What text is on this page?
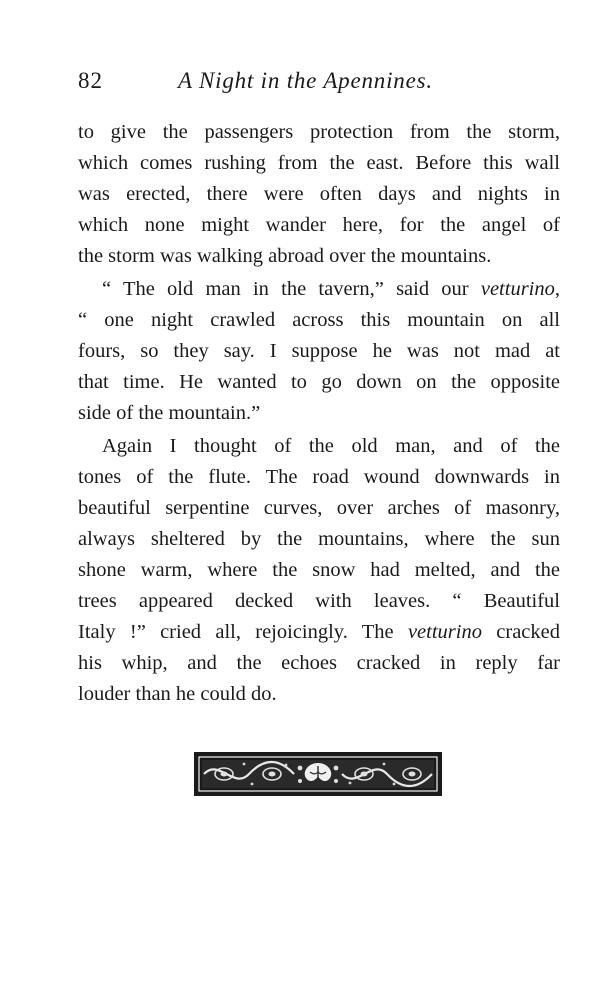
82	A Night in the Apennines.
to give the passengers protection from the storm,
which comes rushing from the east. Before this wall
was erected, there were often days and nights in
which none might wander here, for the angel of
the storm was walking abroad over the mountains.
“ The old man in the tavern,” said our vetturino,
“ one night crawled across this mountain on all
fours, so they say. I suppose he was not mad at
that time. He wanted to go down on the opposite
side of the mountain.”
Again I thought of the old man, and of the
tones of the flute. The road wound downwards in
beautiful serpentine curves, over arches of masonry,
always sheltered by the mountains, where the sun
shone warm, where the snow had melted, and the
trees appeared decked with leaves. “ Beautiful
Italy !” cried all, rejoicingly. The vetturino cracked
his whip, and the echoes cracked in reply far
louder than he could do.
